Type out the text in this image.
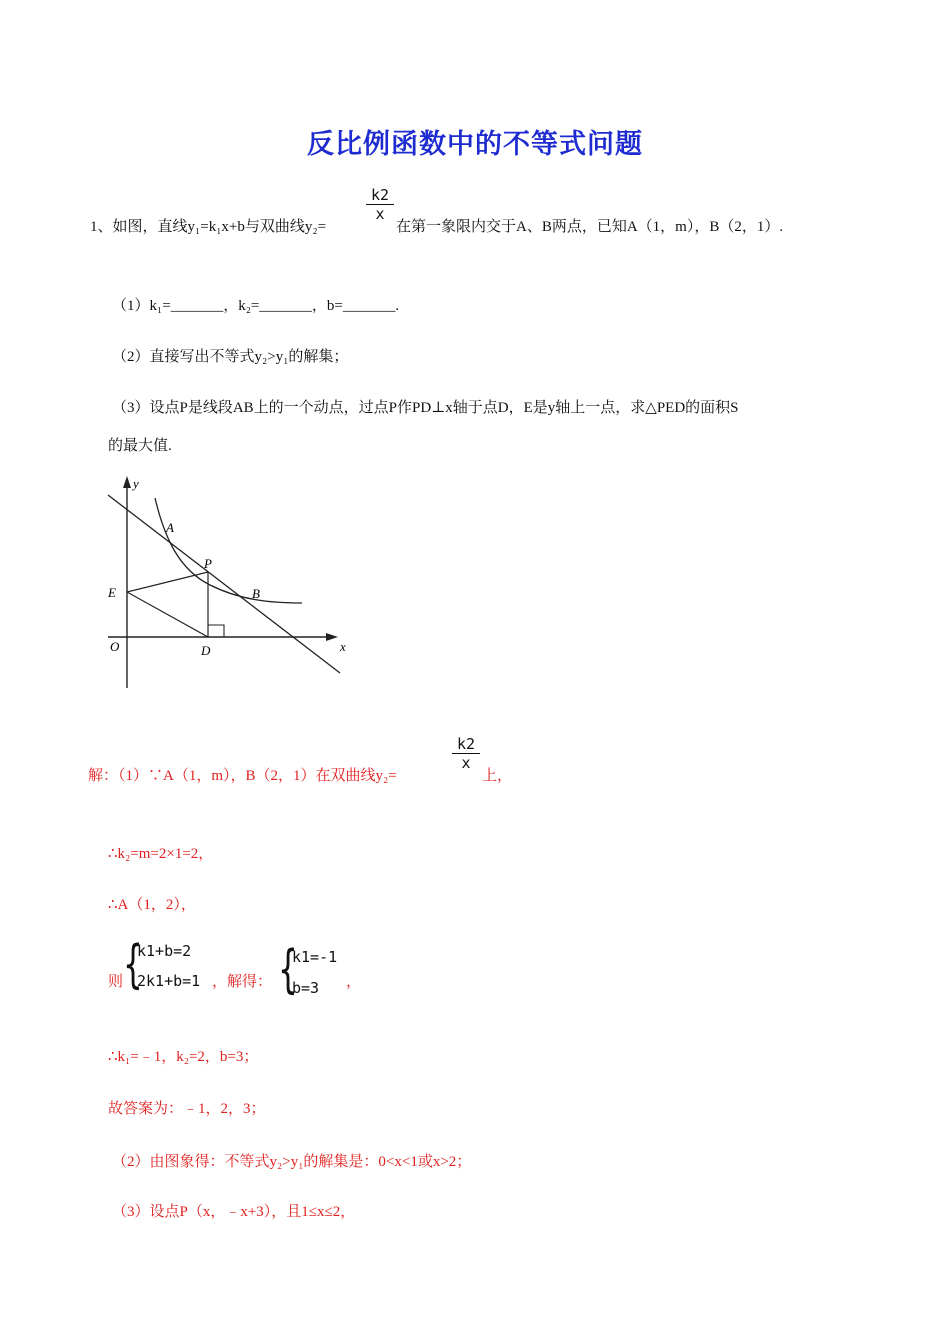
反比例函数中的不等式问题
1、如图，直线y₁=k₁x+b与双曲线y₂=
k2
x
在第一象限内交于A、B两点，已知A（1，m），B（2，1）.
（1）k₁=_______，k₂=_______，b=_______.
（2）直接写出不等式y₂>y₁的解集；
（3）设点P是线段AB上的一个动点，过点P作PD⊥x轴于点D，E是y轴上一点，求△PED的面积S
的最大值.
y
x
A
P
B
E
O	D
解：（1）∵A（1，m），B（2，1）在双曲线y₂=
k2
x
上，
∴k₂=m=2×1=2，
∴A（1，2），
则 {
k1+b=2
2k1+b=1 ，解得： {
k1=-1
b=3 ，
∴k₁=﹣1，k₂=2，b=3；
故答案为：﹣1，2，3；
（2）由图象得：不等式y₂>y₁的解集是：0<x<1或x>2；
（3）设点P（x，﹣x+3），且1≤x≤2，
